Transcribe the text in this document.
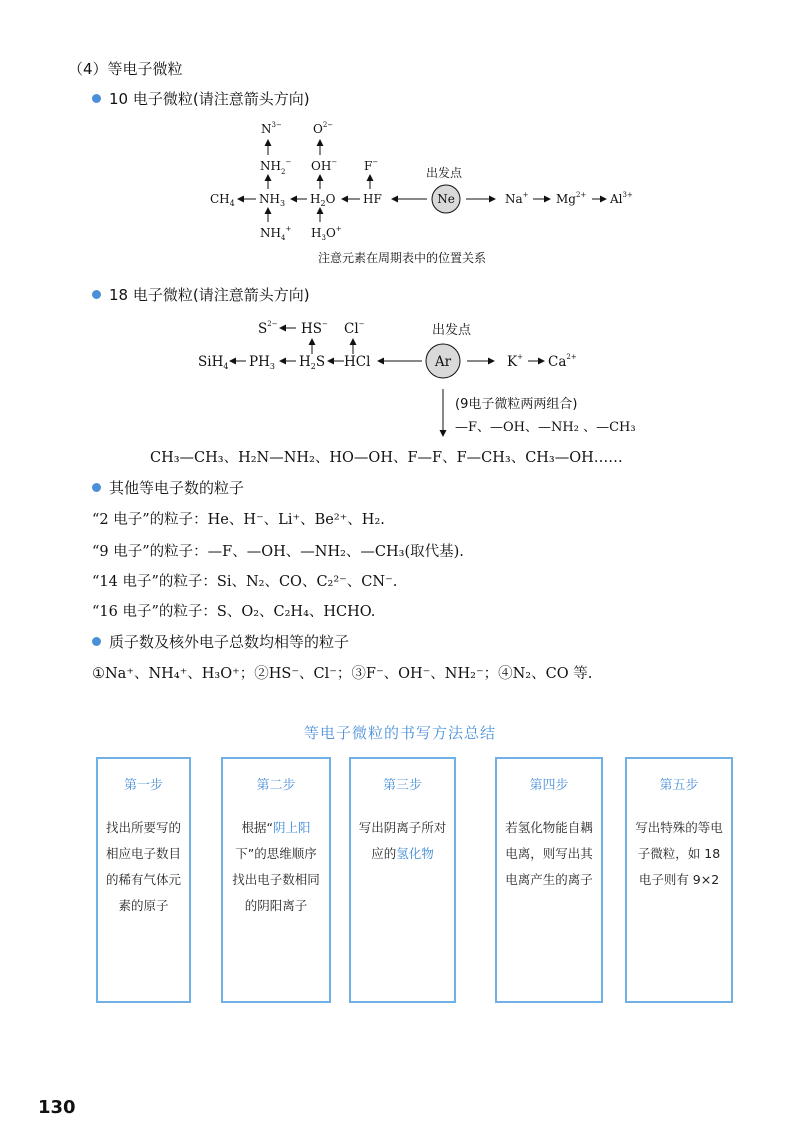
（4）等电子微粒
10 电子微粒(请注意箭头方向)
$N^{3-}$
$NH_2^-$
$NH_3$
$NH_4^+$
$CH_4$
$O^{2-}$
OH−
$H_2O$
$H_3O^+$
F−
HF
出发点
Ne	Na+ $Mg^{2+}$ $Al^{3+}$
注意元素在周期表中的位置关系
18 电子微粒(请注意箭头方向)
$S^{2-}$ HS− Cl−
SiH$_4$ $PH_3$ $H_2S$ HCl
出发点
Ar	K+ $Ca^{2+}$
(9电子微粒两两组合)
—F、—OH、—NH₂ 、—CH₃
CH₃—CH₃、H₂N—NH₂、HO—OH、F—F、F—CH₃、CH₃—OH……
其他等电子数的粒子
“2 电子”的粒子：He、H⁻、Li⁺、Be²⁺、H₂.
“9 电子”的粒子：—F、—OH、—NH₂、—CH₃(取代基).
“14 电子”的粒子：Si、N₂、CO、C₂²⁻、CN⁻.
“16 电子”的粒子：S、O₂、C₂H₄、HCHO.
质子数及核外电子总数均相等的粒子
①Na⁺、NH₄⁺、H₃O⁺；②HS⁻、Cl⁻；③F⁻、OH⁻、NH₂⁻；④N₂、CO 等.
等电子微粒的书写方法总结
第一步
找出所要写的
相应电子数目
的稀有气体元
素的原子
第二步
根据“阴上阳
下”的思维顺序
找出电子数相同
的阴阳离子
第三步
写出阴离子所对
应的氢化物
第四步
若氢化物能自耦
电离，则写出其
电离产生的离子
第五步
写出特殊的等电
子微粒，如 18
电子则有 9×2
130
